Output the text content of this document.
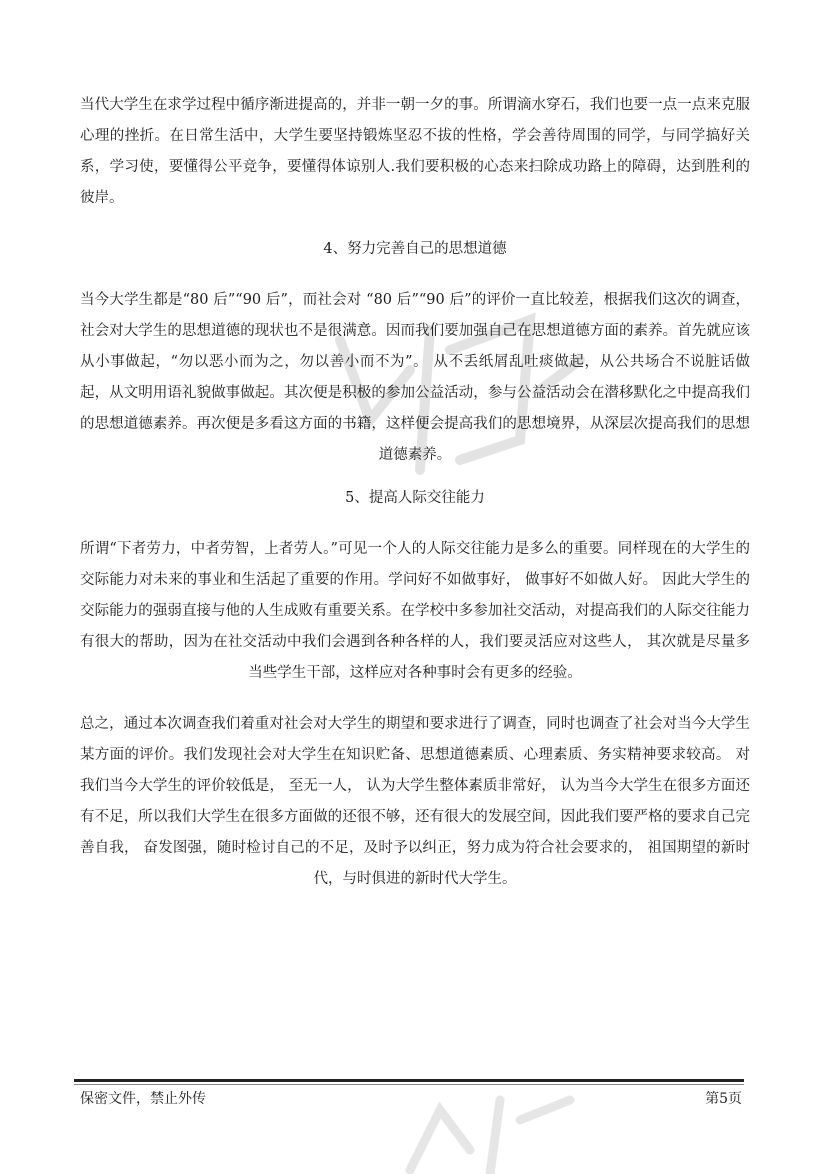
当代大学生在求学过程中循序渐进提高的，并非一朝一夕的事。所谓滴水穿石，我们也要一点一点来克服心理的挫折。在日常生活中，大学生要坚持锻炼坚忍不拔的性格，学会善待周围的同学，与同学搞好关系，学习使，要懂得公平竞争，要懂得体谅别人.我们要积极的心态来扫除成功路上的障碍，达到胜利的彼岸。

4、努力完善自己的思想道德

当今大学生都是“80 后”“90 后”，而社会对 “80 后”“90 后”的评价一直比较差，根据我们这次的调查，社会对大学生的思想道德的现状也不是很满意。因而我们要加强自己在思想道德方面的素养。首先就应该从小事做起，“勿以恶小而为之，勿以善小而不为”。 从不丢纸屑乱吐痰做起，从公共场合不说脏话做起，从文明用语礼貌做事做起。其次便是积极的参加公益活动，参与公益活动会在潜移默化之中提高我们的思想道德素养。再次便是多看这方面的书籍，这样便会提高我们的思想境界，从深层次提高我们的思想道德素养。

5、提高人际交往能力

所谓“下者劳力，中者劳智，上者劳人。”可见一个人的人际交往能力是多么的重要。同样现在的大学生的交际能力对未来的事业和生活起了重要的作用。学问好不如做事好， 做事好不如做人好。 因此大学生的交际能力的强弱直接与他的人生成败有重要关系。在学校中多参加社交活动，对提高我们的人际交往能力有很大的帮助，因为在社交活动中我们会遇到各种各样的人，我们要灵活应对这些人， 其次就是尽量多当些学生干部，这样应对各种事时会有更多的经验。

总之，通过本次调查我们着重对社会对大学生的期望和要求进行了调查，同时也调查了社会对当今大学生某方面的评价。我们发现社会对大学生在知识贮备、思想道德素质、心理素质、务实精神要求较高。 对我们当今大学生的评价较低是， 至无一人， 认为大学生整体素质非常好， 认为当今大学生在很多方面还有不足，所以我们大学生在很多方面做的还很不够，还有很大的发展空间，因此我们要严格的要求自己完善自我， 奋发图强，随时检讨自己的不足，及时予以纠正，努力成为符合社会要求的， 祖国期望的新时代，与时俱进的新时代大学生。

保密文件，禁止外传	第5页
